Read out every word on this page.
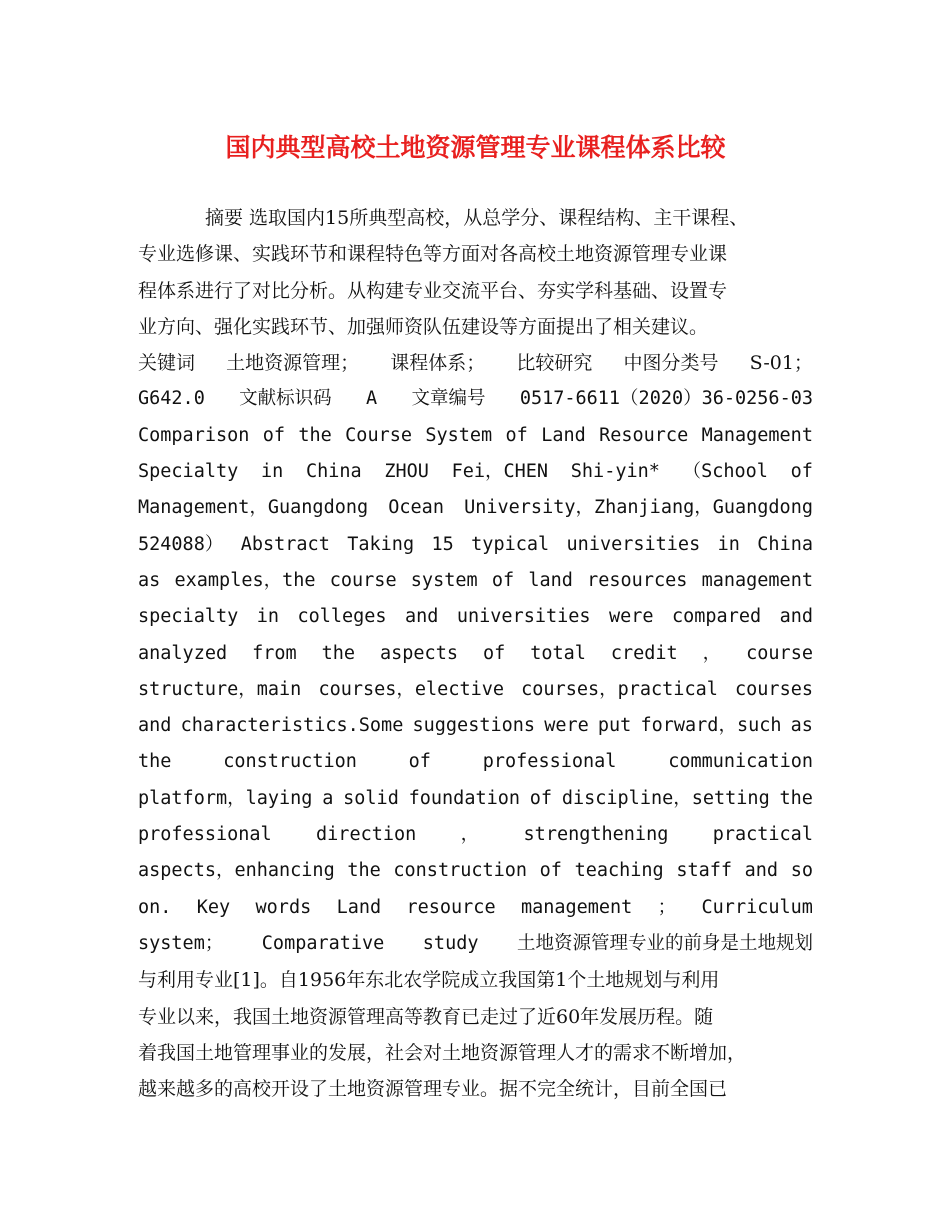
国内典型高校土地资源管理专业课程体系比较
摘要 选取国内15所典型高校，从总学分、课程结构、主干课程、
专业选修课、实践环节和课程特色等方面对各高校土地资源管理专业课
程体系进行了对比分析。从构建专业交流平台、夯实学科基础、设置专
业方向、强化实践环节、加强师资队伍建设等方面提出了相关建议。
关键词 土地资源管理； 课程体系； 比较研究 中图分类号 S-01；
G642.0 文献标识码 A 文章编号 0517-6611（2020）36-0256-03
Comparison of the Course System of Land Resource Management
Specialty in China ZHOU Fei，CHEN Shi-yin* （School of
Management，Guangdong Ocean University，Zhanjiang，Guangdong
524088） Abstract Taking 15 typical universities in China
as examples，the course system of land resources management
specialty in colleges and universities were compared and
analyzed from the aspects of total credit ， course
structure，main courses，elective courses，practical courses
and characteristics.Some suggestions were put forward，such as
the	construction	of	professional	communication
platform，laying a solid foundation of discipline，setting the
professional direction ， strengthening practical
aspects，enhancing the construction of teaching staff and so
on. Key words Land resource management ； Curriculum
system； Comparative study 土地资源管理专业的前身是土地规划
与利用专业[1]。自1956年东北农学院成立我国第1个土地规划与利用
专业以来，我国土地资源管理高等教育已走过了近60年发展历程。随
着我国土地管理事业的发展，社会对土地资源管理人才的需求不断增加，
越来越多的高校开设了土地资源管理专业。据不完全统计，目前全国已
